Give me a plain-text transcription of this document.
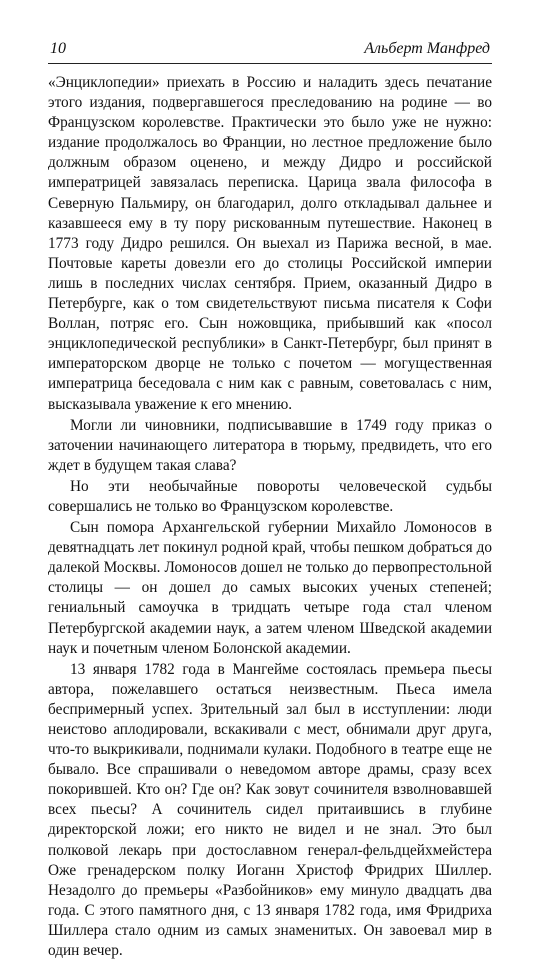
10	Альберт Манфред

«Энциклопедии» приехать в Россию и наладить здесь печатание этого издания, подвергавшегося преследованию на родине — во Французском королевстве. Практически это было уже не нужно: издание продолжалось во Франции, но лестное предложение было должным образом оценено, и между Дидро и российской императрицей завязалась переписка. Царица звала философа в Северную Пальмиру, он благодарил, долго откладывал дальнее и казавшееся ему в ту пору рискованным путешествие. Наконец в 1773 году Дидро решился. Он выехал из Парижа весной, в мае. Почтовые кареты довезли его до столицы Российской империи лишь в последних числах сентября. Прием, оказанный Дидро в Петербурге, как о том свидетельствуют письма писателя к Софи Воллан, потряс его. Сын ножовщика, прибывший как «посол энциклопедической республики» в Санкт-Петербург, был принят в императорском дворце не только с почетом — могущественная императрица беседовала с ним как с равным, советовалась с ним, высказывала уважение к его мнению.

Могли ли чиновники, подписывавшие в 1749 году приказ о заточении начинающего литератора в тюрьму, предвидеть, что его ждет в будущем такая слава?

Но эти необычайные повороты человеческой судьбы совершались не только во Французском королевстве.

Сын помора Архангельской губернии Михайло Ломоносов в девятнадцать лет покинул родной край, чтобы пешком добраться до далекой Москвы. Ломоносов дошел не только до первопрестольной столицы — он дошел до самых высоких ученых степеней; гениальный самоучка в тридцать четыре года стал членом Петербургской академии наук, а затем членом Шведской академии наук и почетным членом Болонской академии.

13 января 1782 года в Мангейме состоялась премьера пьесы автора, пожелавшего остаться неизвестным. Пьеса имела беспримерный успех. Зрительный зал был в исступлении: люди неистово аплодировали, вскакивали с мест, обнимали друг друга, что-то выкрикивали, поднимали кулаки. Подобного в театре еще не бывало. Все спрашивали о неведомом авторе драмы, сразу всех покорившей. Кто он? Где он? Как зовут сочинителя взволновавшей всех пьесы? А сочинитель сидел притаившись в глубине директорской ложи; его никто не видел и не знал. Это был полковой лекарь при достославном генерал-фельдцейхмейстера Оже гренадерском полку Иоганн Христоф Фридрих Шиллер. Незадолго до премьеры «Разбойников» ему минуло двадцать два года. С этого памятного дня, с 13 января 1782 года, имя Фридриха Шиллера стало одним из самых знаменитых. Он завоевал мир в один вечер.
